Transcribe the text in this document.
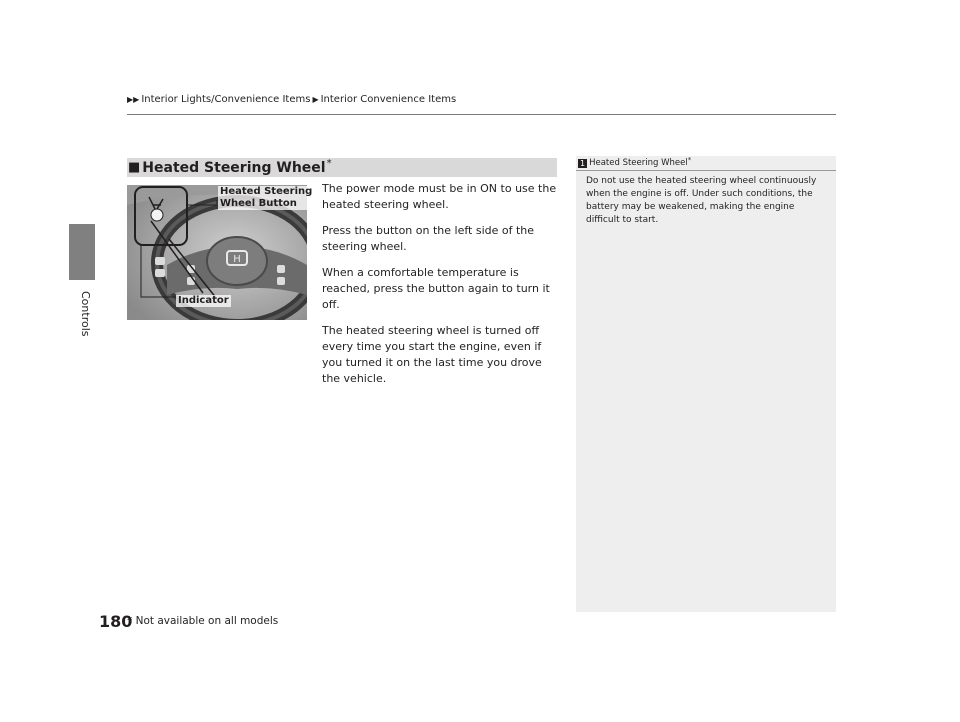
Controls
▶▶ Interior Lights/Convenience Items ▶ Interior Convenience Items
■ Heated Steering Wheel *
H
Heated Steering
Wheel Button
Indicator

The power mode must be in ON to use the heated steering wheel.

Press the button on the left side of the steering wheel.

When a comfortable temperature is reached, press the button again to turn it off.

The heated steering wheel is turned off every time you start the engine, even if you turned it on the last time you drove the vehicle.

1 Heated Steering Wheel *
Do not use the heated steering wheel continuously when the engine is off. Under such conditions, the battery may be weakened, making the engine difficult to start.
180
* Not available on all models
